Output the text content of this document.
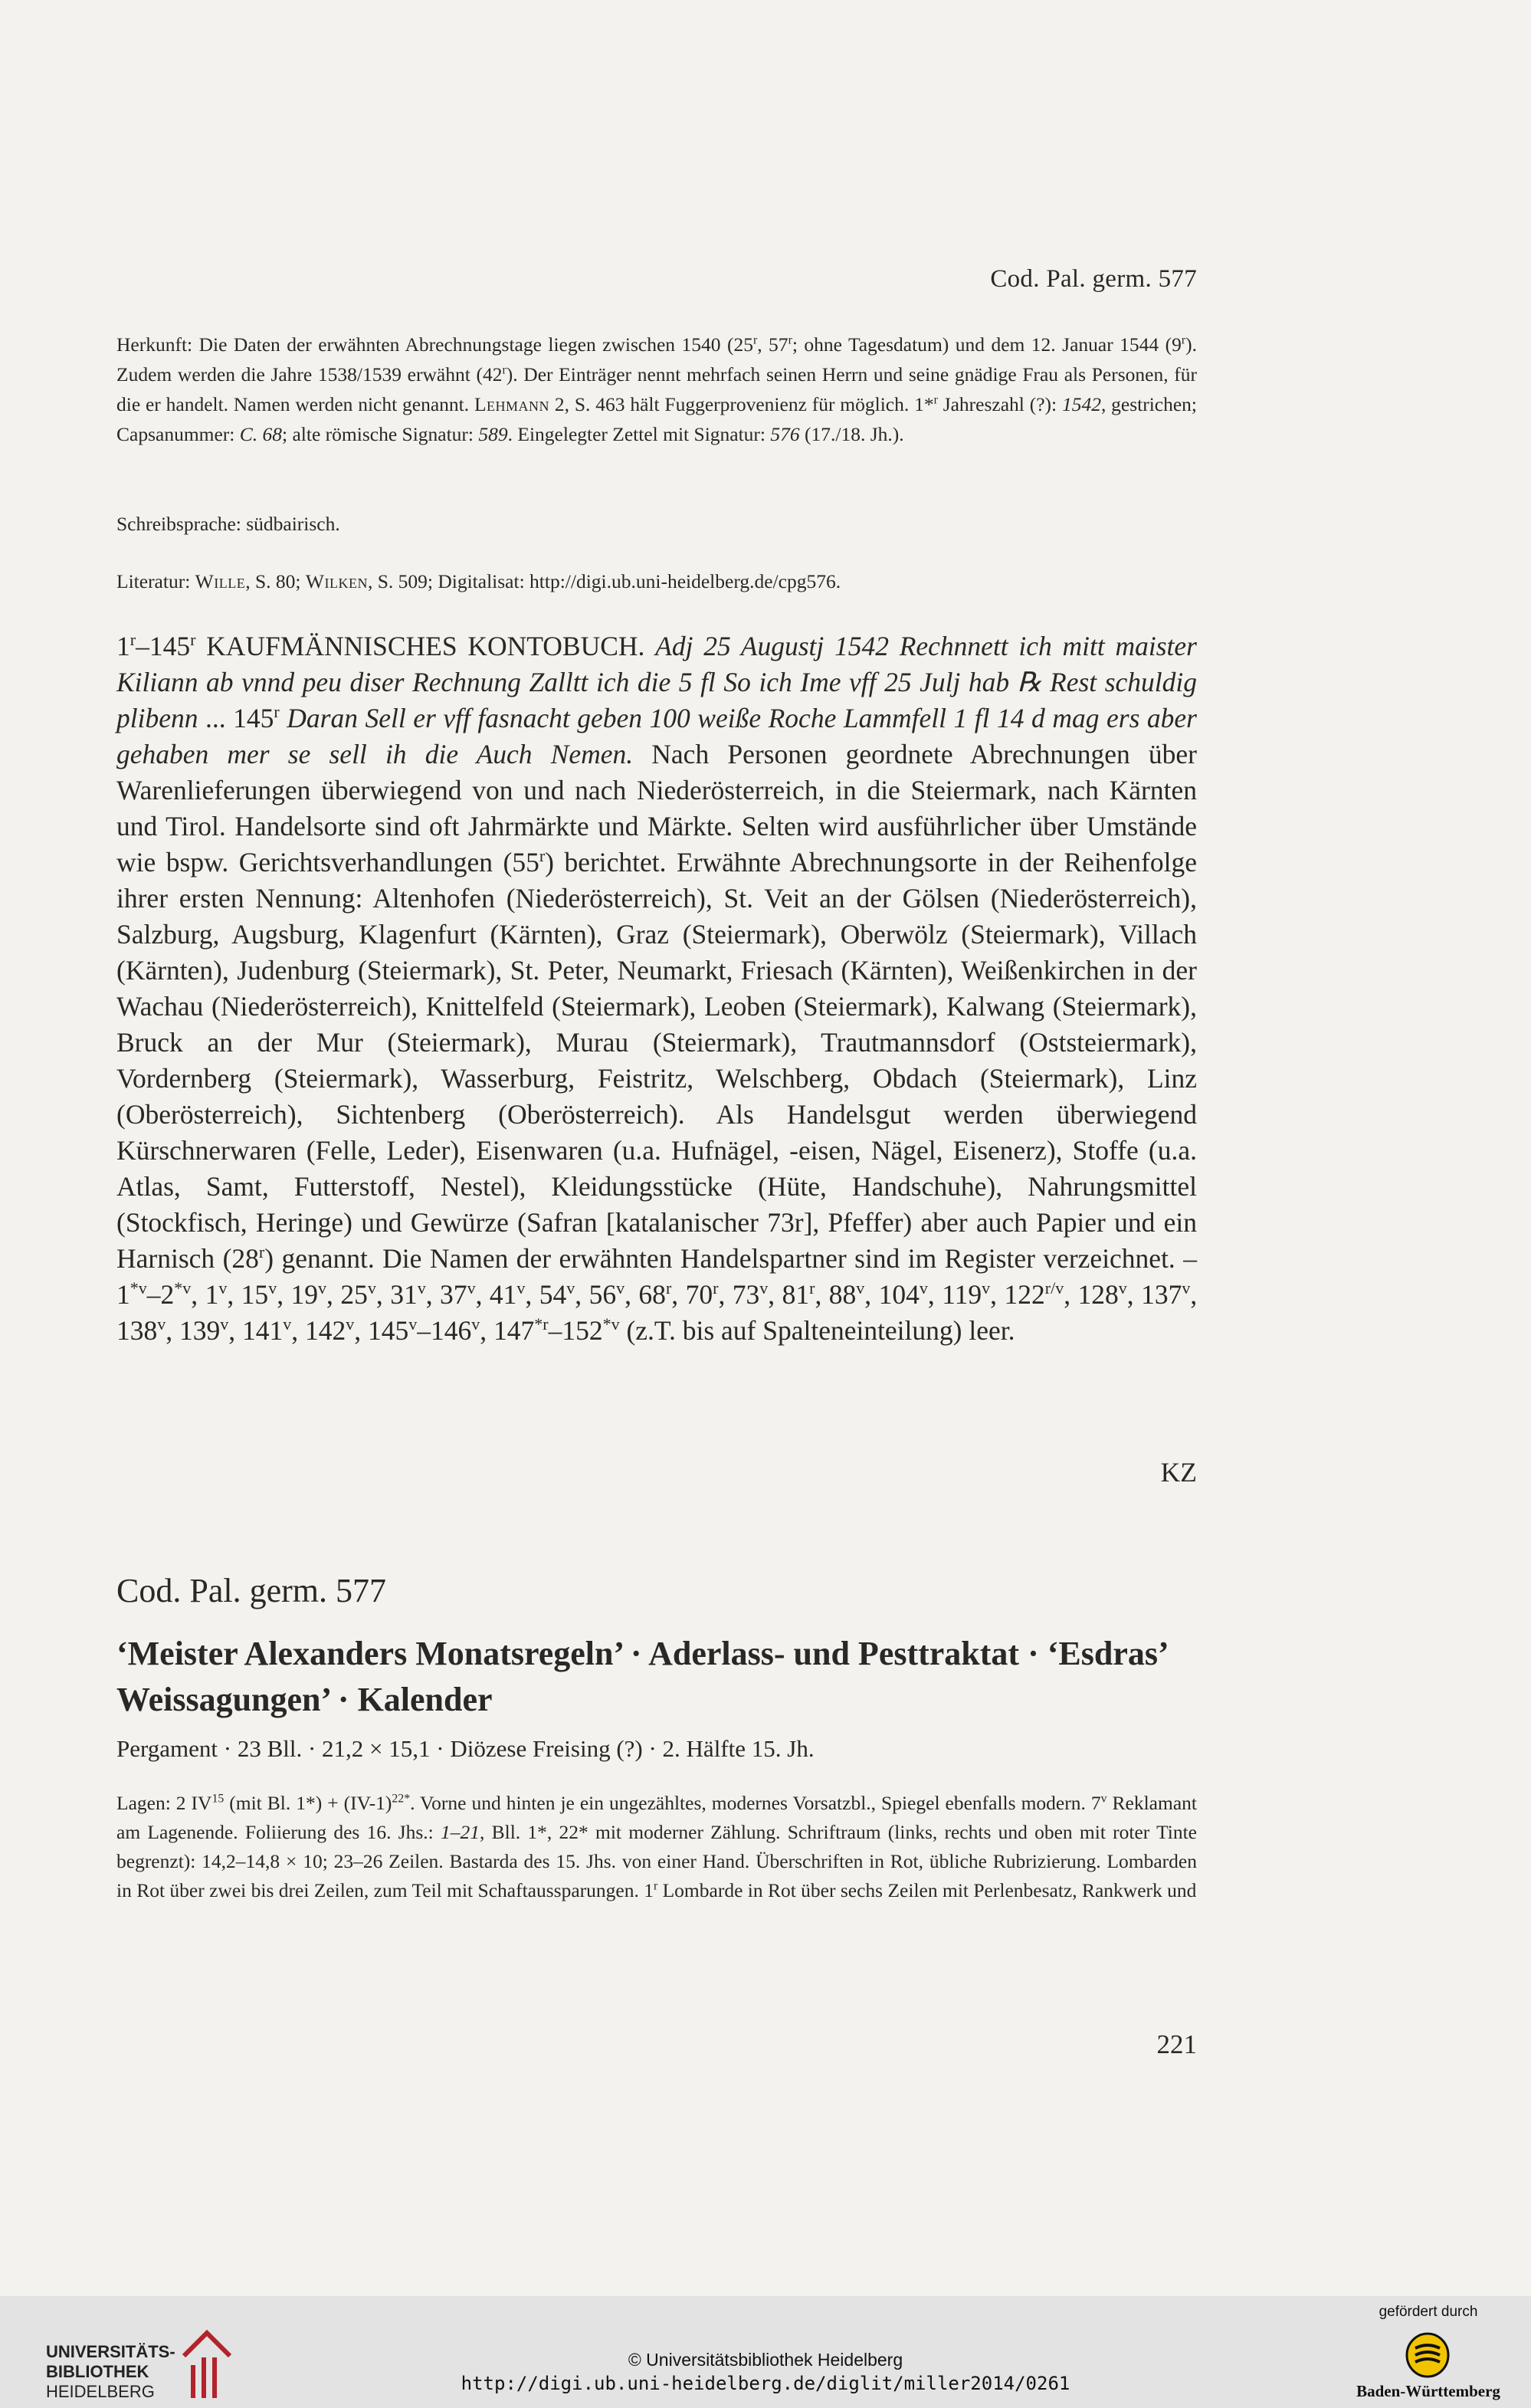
Cod. Pal. germ. 577
Herkunft: Die Daten der erwähnten Abrechnungstage liegen zwischen 1540 (25$^r$, 57$^r$; ohne Tagesdatum) und dem 12. Januar 1544 (9$^r$). Zudem werden die Jahre 1538/1539 erwähnt (42$^r$). Der Einträger nennt mehrfach seinen Herrn und seine gnädige Frau als Personen, für die er handelt. Namen werden nicht genannt. Lehmann 2, S. 463 hält Fuggerprovenienz für möglich. 1*$^r$ Jahreszahl (?): 1542, gestrichen; Capsanummer: C. 68; alte römische Signatur: 589. Eingelegter Zettel mit Signatur: 576 (17./18. Jh.).
Schreibsprache: südbairisch.
Literatur: Wille, S. 80; Wilken, S. 509; Digitalisat: http://digi.ub.uni-heidelberg.de/cpg576.
1$^r$–145$^r$ KAUFMÄNNISCHES KONTOBUCH. Adj 25 Augustj 1542 Rechnnett ich mitt maister Kiliann ab vnnd peu diser Rechnung Zalltt ich die 5 fl So ich Ime vff 25 Julj hab ℞ Rest schuldig plibenn ... 145$^r$ Daran Sell er vff fasnacht geben 100 weiße Roche Lammfell 1 fl 14 d mag ers aber gehaben mer se sell ih die Auch Nemen. Nach Personen geordnete Abrechnungen über Warenlieferungen überwiegend von und nach Niederösterreich, in die Steiermark, nach Kärnten und Tirol. Handelsorte sind oft Jahrmärkte und Märkte. Selten wird ausführlicher über Umstände wie bspw. Gerichtsverhandlungen (55$^r$) berichtet. Erwähnte Abrechnungsorte in der Reihenfolge ihrer ersten Nennung: Altenhofen (Niederösterreich), St. Veit an der Gölsen (Niederösterreich), Salzburg, Augsburg, Klagenfurt (Kärnten), Graz (Steiermark), Oberwölz (Steiermark), Villach (Kärnten), Judenburg (Steiermark), St. Peter, Neumarkt, Friesach (Kärnten), Weißenkirchen in der Wachau (Niederösterreich), Knittelfeld (Steiermark), Leoben (Steiermark), Kalwang (Steiermark), Bruck an der Mur (Steiermark), Murau (Steiermark), Trautmannsdorf (Oststeiermark), Vordernberg (Steiermark), Wasserburg, Feistritz, Welschberg, Obdach (Steiermark), Linz (Oberösterreich), Sichtenberg (Oberösterreich). Als Handelsgut werden überwiegend Kürschnerwaren (Felle, Leder), Eisenwaren (u.a. Hufnägel, -eisen, Nägel, Eisenerz), Stoffe (u.a. Atlas, Samt, Futterstoff, Nestel), Kleidungsstücke (Hüte, Handschuhe), Nahrungsmittel (Stockfisch, Heringe) und Gewürze (Safran [katalanischer 73r], Pfeffer) aber auch Papier und ein Harnisch (28$^r$) genannt. Die Namen der erwähnten Handelspartner sind im Register verzeichnet. – 1$^{*v}$–2$^{*v}$, 1$^v$, 15$^v$, 19$^v$, 25$^v$, 31$^v$, 37$^v$, 41$^v$, 54$^v$, 56$^v$, 68$^r$, 70$^r$, 73$^v$, 81$^r$, 88$^v$, 104$^v$, 119$^v$, $122^{r/v}$, 128$^v$, 137$^v$, 138$^v$, 139$^v$, 141$^v$, 142$^v$, 145$^v$–146$^v$, 147$^{*r}$–152$^{*v}$ (z.T. bis auf Spalteneinteilung) leer.
KZ
Cod. Pal. germ. 577
‘Meister Alexanders Monatsregeln’ · Aderlass- und Pesttraktat · ‘Esdras’ Weissagungen’ · Kalender
Pergament · 23 Bll. · 21,2 × 15,1 · Diözese Freising (?) · 2. Hälfte 15. Jh.
Lagen: 2 IV$^{15}$ (mit Bl. $1*) + (IV-1)^{22*}$. Vorne und hinten je ein ungezähltes, modernes Vorsatzbl., Spiegel ebenfalls modern. 7$^v$ Reklamant am Lagenende. Foliierung des 16. Jhs.: 1–21, Bll. 1*, 22* mit moderner Zählung. Schriftraum (links, rechts und oben mit roter Tinte begrenzt): 14,2–14,8 × 10; 23–26 Zeilen. Bastarda des 15. Jhs. von einer Hand. Überschriften in Rot, übliche Rubrizierung. Lombarden in Rot über zwei bis drei Zeilen, zum Teil mit Schaftaussparungen. 1$^r$ Lombarde in Rot über sechs Zeilen mit Perlenbesatz, Rankwerk und
221
UNIVERSITÄTS-
BIBLIOTHEK
HEIDELBERG
© Universitätsbibliothek Heidelberg
http://digi.ub.uni-heidelberg.de/diglit/miller2014/0261
gefördert durch
Baden-Württemberg
